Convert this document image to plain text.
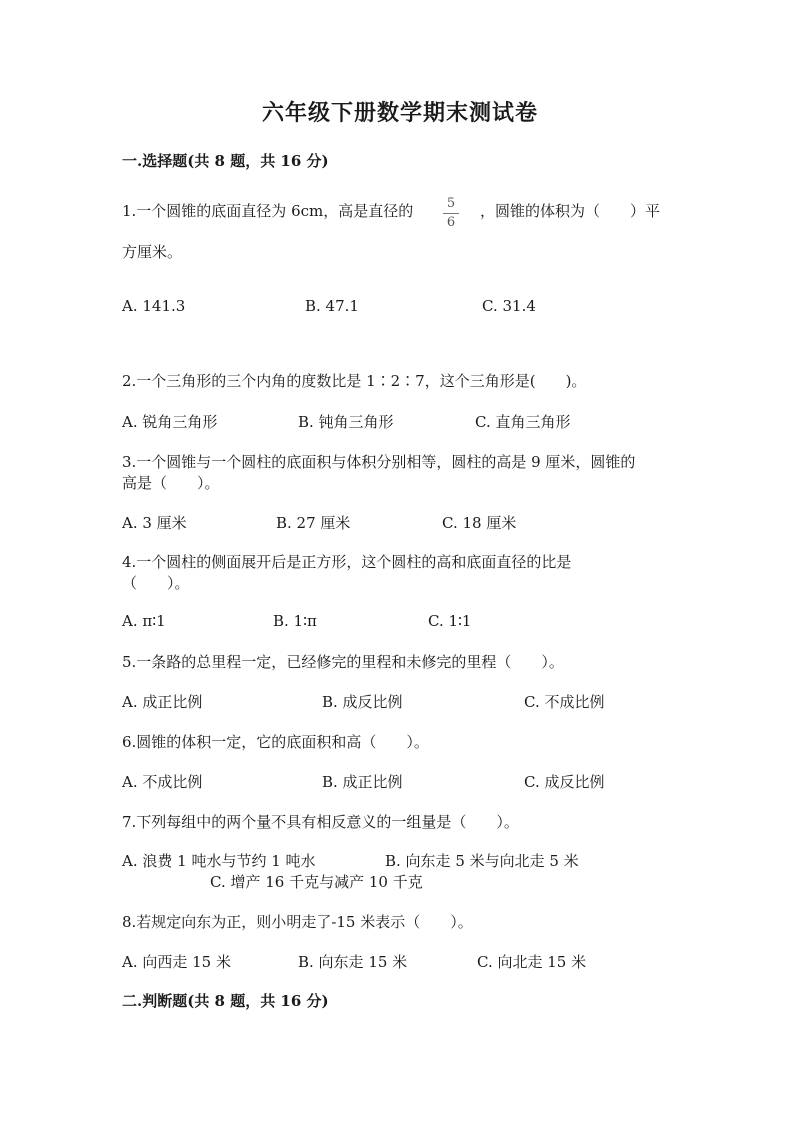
六年级下册数学期末测试卷
一.选择题(共 8 题，共 16 分)
1.一个圆锥的底面直径为 6cm，高是直径的	5
6
，圆锥的体积为（　　）平
方厘米。
A. 141.3	B. 47.1	C. 31.4
2.一个三角形的三个内角的度数比是 1∶2∶7，这个三角形是(　　)。
A. 锐角三角形	B. 钝角三角形	C. 直角三角形
3.一个圆锥与一个圆柱的底面积与体积分别相等，圆柱的高是 9 厘米，圆锥的
高是（　　）。
A. 3 厘米	B. 27 厘米	C. 18 厘米
4.一个圆柱的侧面展开后是正方形，这个圆柱的高和底面直径的比是
（　　）。
A. π∶1	B. 1∶π	C. 1∶1
5.一条路的总里程一定，已经修完的里程和未修完的里程（　　）。
A. 成正比例	B. 成反比例	C. 不成比例
6.圆锥的体积一定，它的底面积和高（　　）。
A. 不成比例	B. 成正比例	C. 成反比例
7.下列每组中的两个量不具有相反意义的一组量是（　　）。
A. 浪费 1 吨水与节约 1 吨水	B. 向东走 5 米与向北走 5 米
C. 增产 16 千克与减产 10 千克
8.若规定向东为正，则小明走了-15 米表示（　　）。
A. 向西走 15 米	B. 向东走 15 米	C. 向北走 15 米
二.判断题(共 8 题，共 16 分)
